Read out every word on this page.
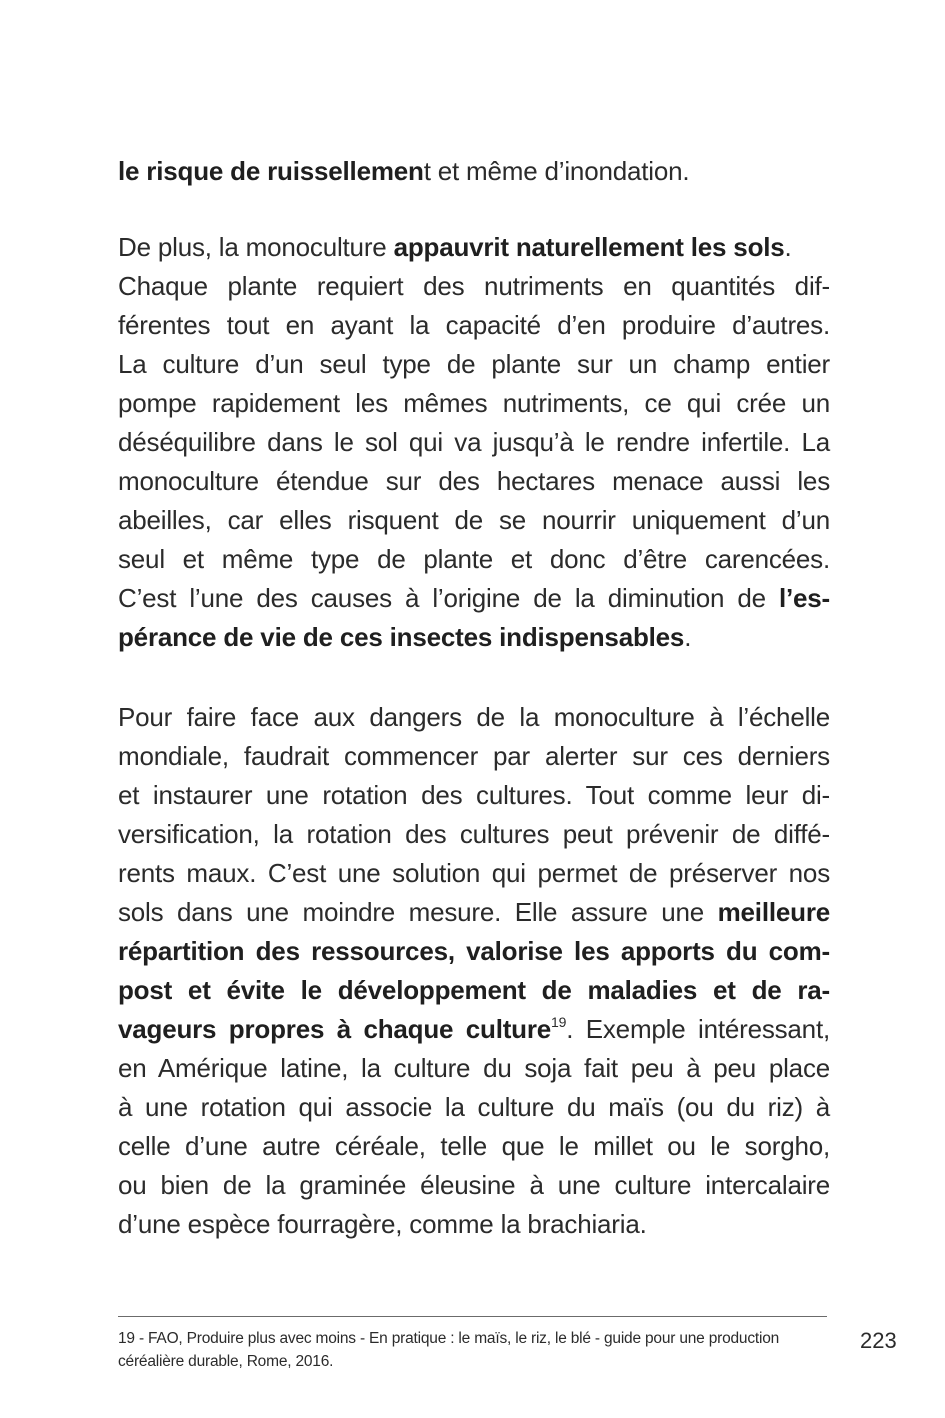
le risque de ruissellement et même d’inondation.
De plus, la monoculture appauvrit naturellement les sols.
Chaque plante requiert des nutriments en quantités dif-
férentes tout en ayant la capacité d’en produire d’autres.
La culture d’un seul type de plante sur un champ entier
pompe rapidement les mêmes nutriments, ce qui crée un
déséquilibre dans le sol qui va jusqu’à le rendre infertile. La
monoculture étendue sur des hectares menace aussi les
abeilles, car elles risquent de se nourrir uniquement d’un
seul et même type de plante et donc d’être carencées.
C’est l’une des causes à l’origine de la diminution de l’es-
pérance de vie de ces insectes indispensables.
Pour faire face aux dangers de la monoculture à l’échelle
mondiale, faudrait commencer par alerter sur ces derniers
et instaurer une rotation des cultures. Tout comme leur di-
versification, la rotation des cultures peut prévenir de diffé-
rents maux. C’est une solution qui permet de préserver nos
sols dans une moindre mesure. Elle assure une meilleure
répartition des ressources, valorise les apports du com-
post et évite le développement de maladies et de ra-
vageurs propres à chaque culture$^{19}$. Exemple intéressant,
en Amérique latine, la culture du soja fait peu à peu place
à une rotation qui associe la culture du maïs (ou du riz) à
celle d’une autre céréale, telle que le millet ou le sorgho,
ou bien de la graminée éleusine à une culture intercalaire
d’une espèce fourragère, comme la brachiaria.
19 - FAO, Produire plus avec moins - En pratique : le maïs, le riz, le blé - guide pour une production
céréalière durable, Rome, 2016.
223
